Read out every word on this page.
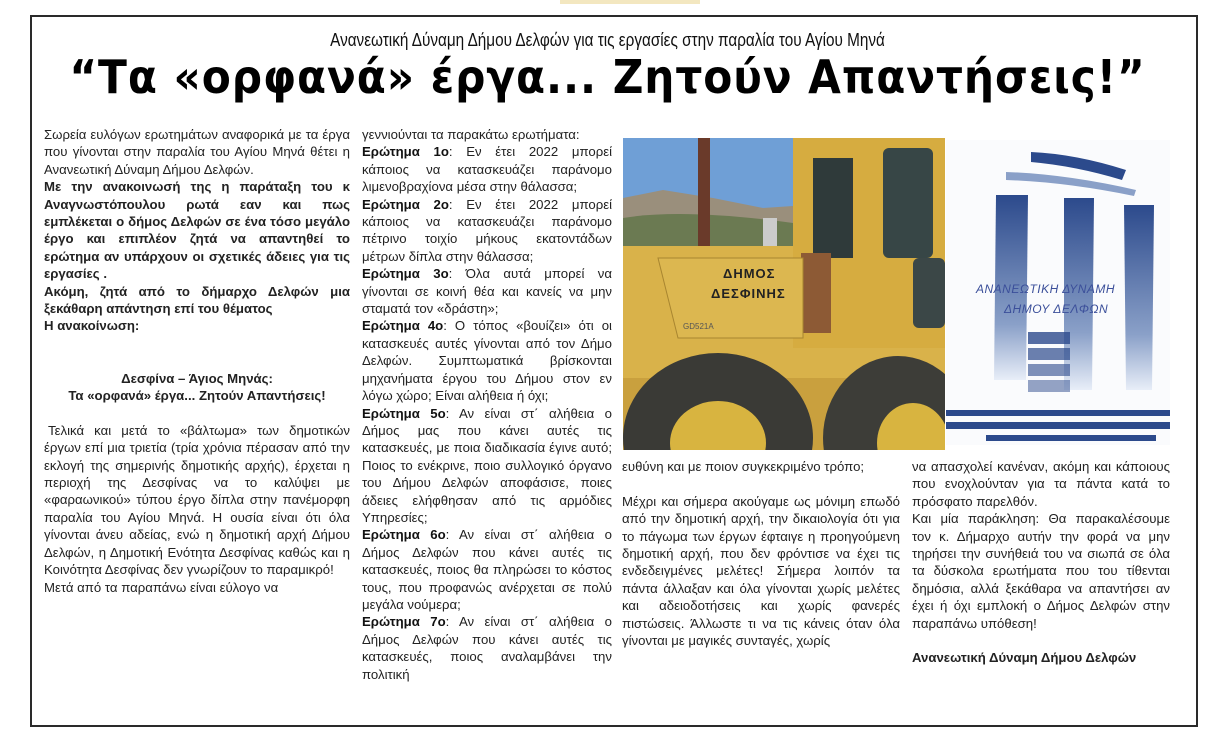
Ανανεωτική Δύναμη Δήμου Δελφών για τις εργασίες στην παραλία του Αγίου Μηνά
“Τα «ορφανά» έργα... Ζητούν Απαντήσεις!”

Σωρεία ευλόγων ερωτημάτων αναφορικά με τα έργα που γίνονται στην παραλία του Αγίου Μηνά θέτει η Ανανεωτική Δύναμη Δήμου Δελφών.

Με την ανακοινωσή της η παράταξη του κ Αναγνωστόπουλου ρωτά εαν και πως εμπλέκεται ο δήμος Δελφών σε ένα τόσο μεγάλο έργο και επιπλέον ζητά να απαντηθεί το ερώτημα αν υπάρχουν οι σχετικές άδειες για τις εργασίες .

Ακόμη, ζητά από το δήμαρχο Δελφών μια ξεκάθαρη απάντηση επί του θέματος

Η ανακοίνωση:

Δεσφίνα – Άγιος Μηνάς:

Τα «ορφανά» έργα... Ζητούν Απαντήσεις!

Τελικά και μετά το «βάλτωμα» των δημοτικών έργων επί μια τριετία (τρία χρόνια πέρασαν από την εκλογή της σημερινής δημοτικής αρχής), έρχεται η περιοχή της Δεσφίνας να το καλύψει με «φαραωνικού» τύπου έργο δίπλα στην πανέμορφη παραλία του Αγίου Μηνά. Η ουσία είναι ότι όλα γίνονται άνευ αδείας, ενώ η δημοτική αρχή Δήμου Δελφών, η Δημοτική Ενότητα Δεσφίνας καθώς και η Κοινότητα Δεσφίνας δεν γνωρίζουν το παραμικρό!

Μετά από τα παραπάνω είναι εύλογο να

γεννιούνται τα παρακάτω ερωτήματα:

Ερώτημα 1ο: Εν έτει 2022 μπορεί κάποιος να κατασκευάζει παράνομο λιμενοβραχίονα μέσα στην θάλασσα;

Ερώτημα 2ο: Εν έτει 2022 μπορεί κάποιος να κατασκευάζει παράνομο πέτρινο τοιχίο μήκους εκατοντάδων μέτρων δίπλα στην θάλασσα;

Ερώτημα 3ο: Όλα αυτά μπορεί να γίνονται σε κοινή θέα και κανείς να μην σταματά τον «δράστη»;

Ερώτημα 4ο: Ο τόπος «βουίζει» ότι οι κατασκευές αυτές γίνονται από τον Δήμο Δελφών. Συμπτωματικά βρίσκονται μηχανήματα έργου του Δήμου στον εν λόγω χώρο; Είναι αλήθεια ή όχι;

Ερώτημα 5ο: Αν είναι στ΄ αλήθεια ο Δήμος μας που κάνει αυτές τις κατασκευές, με ποια διαδικασία έγινε αυτό; Ποιος το ενέκρινε, ποιο συλλογικό όργανο του Δήμου Δελφών αποφάσισε, ποιες άδειες ελήφθησαν από τις αρμόδιες Υπηρεσίες;

Ερώτημα 6ο: Αν είναι στ΄ αλήθεια ο Δήμος Δελφών που κάνει αυτές τις κατασκευές, ποιος θα πληρώσει το κόστος τους, που προφανώς ανέρχεται σε πολύ μεγάλα νούμερα;

Ερώτημα 7ο: Αν είναι στ΄ αλήθεια ο Δήμος Δελφών που κάνει αυτές τις κατασκευές, ποιος αναλαμβάνει την πολιτική

ΔΗΜΟΣ
ΔΕΣΦΙΝΗΣ
GD521A
ΑΝΑΝΕΩΤΙΚΗ ΔΥΝΑΜΗ
ΔΗΜΟΥ ΔΕΛΦΩΝ

ευθύνη και με ποιον συγκεκριμένο τρόπο;

Μέχρι και σήμερα ακούγαμε ως μόνιμη επωδό από την δημοτική αρχή, την δικαιολογία ότι για το πάγωμα των έργων έφταιγε η προηγούμενη δημοτική αρχή, που δεν φρόντισε να έχει τις ενδεδειγμένες μελέτες! Σήμερα λοιπόν τα πάντα άλλαξαν και όλα γίνονται χωρίς μελέτες και αδειοδοτήσεις και χωρίς φανερές πιστώσεις. Άλλωστε τι να τις κάνεις όταν όλα γίνονται με μαγικές συνταγές, χωρίς

να απασχολεί κανέναν, ακόμη και κάποιους που ενοχλούνταν για τα πάντα κατά το πρόσφατο παρελθόν.

Και μία παράκληση: Θα παρακαλέσουμε τον κ. Δήμαρχο αυτήν την φορά να μην τηρήσει την συνήθειά του να σιωπά σε όλα τα δύσκολα ερωτήματα που του τίθενται δημόσια, αλλά ξεκάθαρα να απαντήσει αν έχει ή όχι εμπλοκή ο Δήμος Δελφών στην παραπάνω υπόθεση!

Ανανεωτική Δύναμη Δήμου Δελφών
